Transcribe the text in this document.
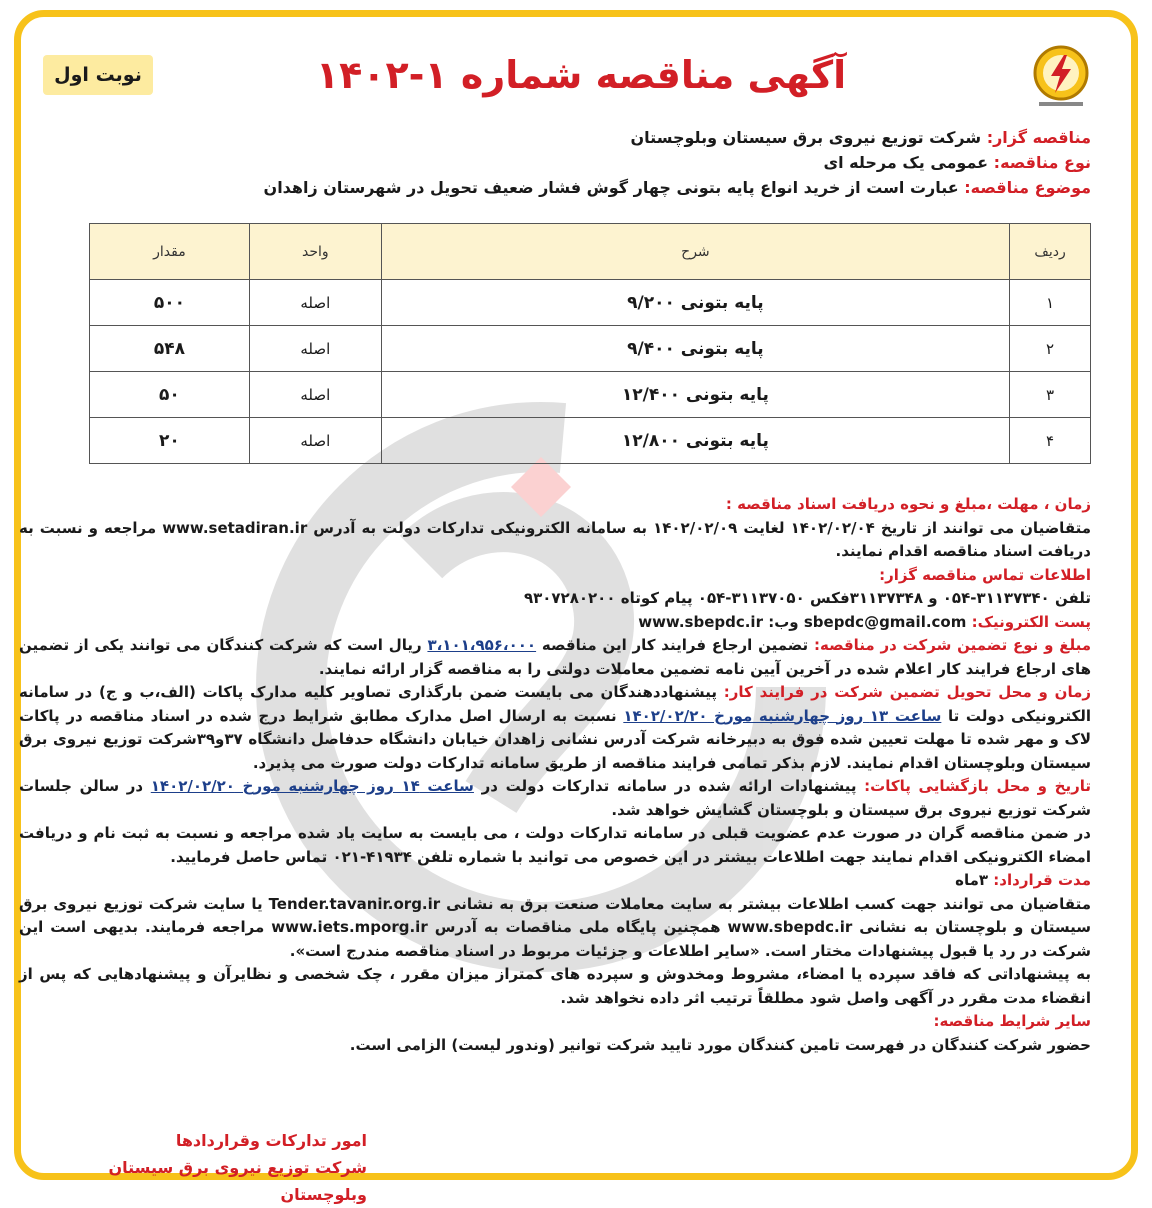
آگهی مناقصه شماره ۱-۱۴۰۲
نوبت اول
مناقصه گزار: شرکت توزیع نیروی برق سیستان وبلوچستان
نوع مناقصه: عمومی یک مرحله ای
موضوع مناقصه: عبارت است از خرید انواع پایه بتونی چهار گوش فشار ضعیف تحویل در شهرستان زاهدان
ردیف	شرح	واحد	مقدار
۱	پایه بتونی ۹/۲۰۰	اصله	۵۰۰
۲	پایه بتونی ۹/۴۰۰	اصله	۵۴۸
۳	پایه بتونی ۱۲/۴۰۰	اصله	۵۰
۴	پایه بتونی ۱۲/۸۰۰	اصله	۲۰

زمان ، مهلت ،مبلغ و نحوه دریافت اسناد مناقصه :

متقاضیان می توانند از تاریخ ۱۴۰۲/۰۲/۰۴ لغایت ۱۴۰۲/۰۲/۰۹ به سامانه الکترونیکی تدارکات دولت به آدرس www.setadiran.ir مراجعه و نسبت به دریافت اسناد مناقصه اقدام نمایند.

اطلاعات تماس مناقصه گزار:

تلفن ۳۱۱۳۷۳۴۰-۰۵۴ و ۳۱۱۳۷۳۴۸فکس ۳۱۱۳۷۰۵۰-۰۵۴ پیام کوتاه ۹۳۰۷۲۸۰۲۰۰

پست الکترونیک: sbepdc@gmail.com وب: www.sbepdc.ir

مبلغ و نوع تضمین شرکت در مناقصه: تضمین ارجاع فرایند کار این مناقصه ۳،۱۰۱،۹۵۶،۰۰۰ ریال است که شرکت کنندگان می توانند یکی از تضمین های ارجاع فرایند کار اعلام شده در آخرین آیین نامه تضمین معاملات دولتی را به مناقصه گزار ارائه نمایند.

زمان و محل تحویل تضمین شرکت در فرایند کار: پیشنهاددهندگان می بایست ضمن بارگذاری تصاویر کلیه مدارک پاکات (الف،ب و ج) در سامانه الکترونیکی دولت تا ساعت ۱۳ روز چهارشنبه مورخ ۱۴۰۲/۰۲/۲۰ نسبت به ارسال اصل مدارک مطابق شرایط درج شده در اسناد مناقصه در پاکات لاک و مهر شده تا مهلت تعیین شده فوق به دبیرخانه شرکت آدرس نشانی زاهدان خیابان دانشگاه حدفاصل دانشگاه ۳۷و۳۹شرکت توزیع نیروی برق سیستان وبلوچستان اقدام نمایند. لازم بذکر تمامی فرایند مناقصه از طریق سامانه تدارکات دولت صورت می پذیرد.

تاریخ و محل بازگشایی پاکات: پیشنهادات ارائه شده در سامانه تدارکات دولت در ساعت ۱۴ روز چهارشنبه مورخ ۱۴۰۲/۰۲/۲۰ در سالن جلسات شرکت توزیع نیروی برق سیستان و بلوچستان گشایش خواهد شد.

در ضمن مناقصه گران در صورت عدم عضویت قبلی در سامانه تدارکات دولت ، می بایست به سایت یاد شده مراجعه و نسبت به ثبت نام و دریافت امضاء الکترونیکی اقدام نمایند جهت اطلاعات بیشتر در این خصوص می توانید با شماره تلفن ۴۱۹۳۴-۰۲۱ تماس حاصل فرمایید.

مدت قرارداد: ۳ماه

متقاضیان می توانند جهت کسب اطلاعات بیشتر به سایت معاملات صنعت برق به نشانی Tender.tavanir.org.ir یا سایت شرکت توزیع نیروی برق سیستان و بلوچستان به نشانی www.sbepdc.ir همچنین پایگاه ملی مناقصات به آدرس www.iets.mporg.ir مراجعه فرمایند. بدیهی است این شرکت در رد یا قبول پیشنهادات مختار است. «سایر اطلاعات و جزئیات مربوط در اسناد مناقصه مندرج است».

به پیشنهاداتی که فاقد سپرده یا امضاء، مشروط ومخدوش و سپرده های کمتراز میزان مقرر ، چک شخصی و نظایرآن و پیشنهادهایی که پس از انقضاء مدت مقرر در آگهی واصل شود مطلقاً ترتیب اثر داده نخواهد شد.

سایر شرایط مناقصه:

حضور شرکت کنندگان در فهرست تامین کنندگان مورد تایید شرکت توانیر (وندور لیست) الزامی است.

امور تدارکات وقراردادها
شرکت توزیع نیروی برق سیستان وبلوچستان
